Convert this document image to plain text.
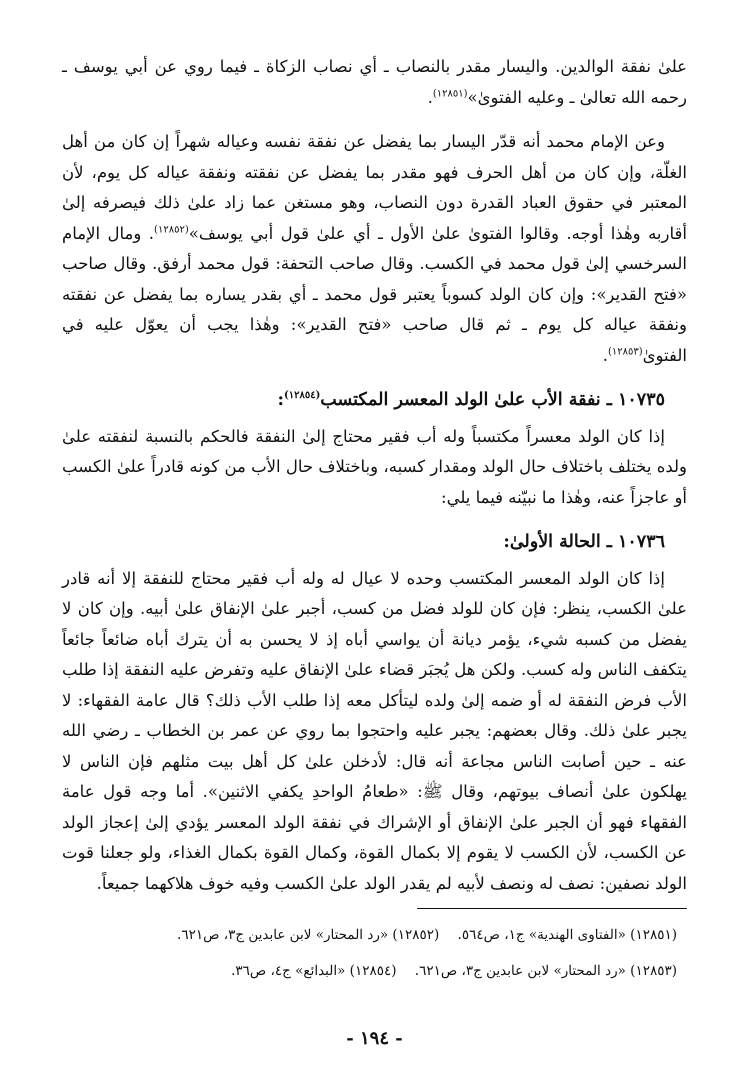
علىٰ نفقة الوالدين. واليسار مقدر بالنصاب ـ أي نصاب الزكاة ـ فيما روي عن أبي يوسف ـ رحمه الله تعالىٰ ـ وعليه الفتوىٰ»$^{(١٢٨٥١)}$.

وعن الإمام محمد أنه قدّر اليسار بما يفضل عن نفقة نفسه وعياله شهراً إن كان من أهل الغلّة، وإن كان من أهل الحرف فهو مقدر بما يفضل عن نفقته ونفقة عياله كل يوم، لأن المعتبر في حقوق العباد القدرة دون النصاب، وهو مستغن عما زاد علىٰ ذلك فيصرفه إلىٰ أقاربه وهٰذا أوجه. وقالوا الفتوىٰ علىٰ الأول ـ أي علىٰ قول أبي يوسف»$^{(١٢٨٥٢)}$. ومال الإمام السرخسي إلىٰ قول محمد في الكسب. وقال صاحب التحفة: قول محمد أرفق. وقال صاحب «فتح القدير»: وإن كان الولد كسوباً يعتبر قول محمد ـ أي بقدر يساره بما يفضل عن نفقته ونفقة عياله كل يوم ـ ثم قال صاحب «فتح القدير»: وهٰذا يجب أن يعوّل عليه في الفتوىٰ$^{(١٢٨٥٣)}$.

١٠٧٣٥ ـ نفقة الأب علىٰ الولد المعسر المكتسب$^{(١٢٨٥٤)}$:

إذا كان الولد معسراً مكتسباً وله أب فقير محتاج إلىٰ النفقة فالحكم بالنسبة لنفقته علىٰ ولده يختلف باختلاف حال الولد ومقدار كسبه، وباختلاف حال الأب من كونه قادراً علىٰ الكسب أو عاجزاً عنه، وهٰذا ما نبيّنه فيما يلي:

١٠٧٣٦ ـ الحالة الأولىٰ:

إذا كان الولد المعسر المكتسب وحده لا عيال له وله أب فقير محتاج للنفقة إلا أنه قادر علىٰ الكسب، ينظر: فإن كان للولد فضل من كسب، أجبر علىٰ الإنفاق علىٰ أبيه. وإن كان لا يفضل من كسبه شيء، يؤمر ديانة أن يواسي أباه إذ لا يحسن به أن يترك أباه ضائعاً جائعاً يتكفف الناس وله كسب. ولكن هل يُجبَر قضاء علىٰ الإنفاق عليه وتفرض عليه النفقة إذا طلب الأب فرض النفقة له أو ضمه إلىٰ ولده ليتأكل معه إذا طلب الأب ذلك؟ قال عامة الفقهاء: لا يجبر علىٰ ذلك. وقال بعضهم: يجبر عليه واحتجوا بما روي عن عمر بن الخطاب ـ رضي الله عنه ـ حين أصابت الناس مجاعة أنه قال: لأدخلن علىٰ كل أهل بيت مثلهم فإن الناس لا يهلكون علىٰ أنصاف بيوتهم، وقال ﷺ: «طعامُ الواحدِ يكفي الاثنين». أما وجه قول عامة الفقهاء فهو أن الجبر علىٰ الإنفاق أو الإشراك في نفقة الولد المعسر يؤدي إلىٰ إعجاز الولد عن الكسب، لأن الكسب لا يقوم إلا بكمال القوة، وكمال القوة بكمال الغذاء، ولو جعلنا قوت الولد نصفين: نصف له ونصف لأبيه لم يقدر الولد علىٰ الكسب وفيه خوف هلاكهما جميعاً.

(١٢٨٥١) «الفتاوى الهندية» ج١، ص٥٦٤. (١٢٨٥٢) «رد المحتار» لابن عابدين ج٣، ص٦٢١.
(١٢٨٥٣) «رد المحتار» لابن عابدين ج٣، ص٦٢١. (١٢٨٥٤) «البدائع» ج٤، ص٣٦.
- ١٩٤ -
